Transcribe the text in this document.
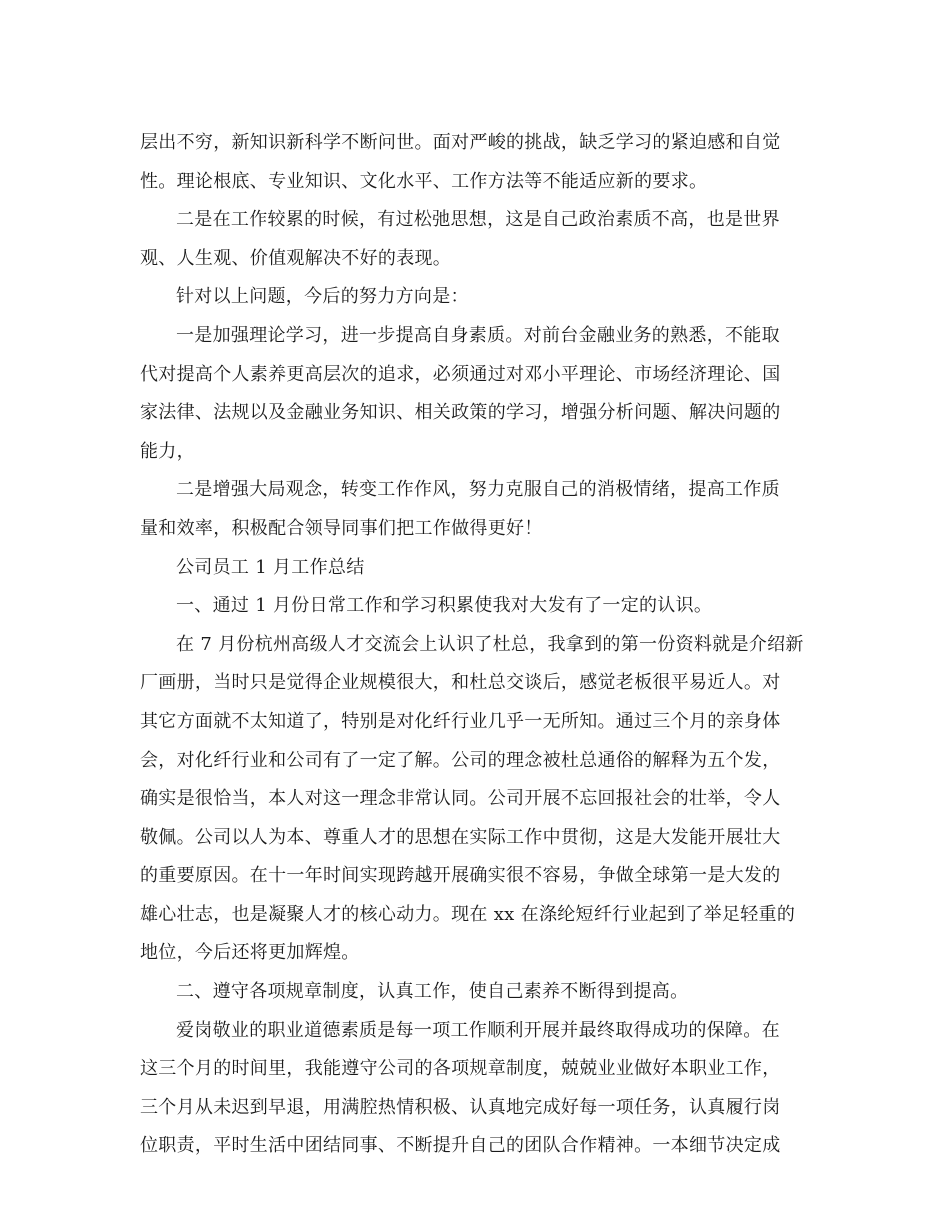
层出不穷，新知识新科学不断问世。面对严峻的挑战，缺乏学习的紧迫感和自觉
性。理论根底、专业知识、文化水平、工作方法等不能适应新的要求。
二是在工作较累的时候，有过松弛思想，这是自己政治素质不高，也是世界
观、人生观、价值观解决不好的表现。
针对以上问题，今后的努力方向是：
一是加强理论学习，进一步提高自身素质。对前台金融业务的熟悉，不能取
代对提高个人素养更高层次的追求，必须通过对邓小平理论、市场经济理论、国
家法律、法规以及金融业务知识、相关政策的学习，增强分析问题、解决问题的
能力，
二是增强大局观念，转变工作作风，努力克服自己的消极情绪，提高工作质
量和效率，积极配合领导同事们把工作做得更好！
公司员工 1 月工作总结
一、通过 1 月份日常工作和学习积累使我对大发有了一定的认识。
在 7 月份杭州高级人才交流会上认识了杜总，我拿到的第一份资料就是介绍新
厂画册，当时只是觉得企业规模很大，和杜总交谈后，感觉老板很平易近人。对
其它方面就不太知道了，特别是对化纤行业几乎一无所知。通过三个月的亲身体
会，对化纤行业和公司有了一定了解。公司的理念被杜总通俗的解释为五个发，
确实是很恰当，本人对这一理念非常认同。公司开展不忘回报社会的壮举，令人
敬佩。公司以人为本、尊重人才的思想在实际工作中贯彻，这是大发能开展壮大
的重要原因。在十一年时间实现跨越开展确实很不容易，争做全球第一是大发的
雄心壮志，也是凝聚人才的核心动力。现在 xx 在涤纶短纤行业起到了举足轻重的
地位，今后还将更加辉煌。
二、遵守各项规章制度，认真工作，使自己素养不断得到提高。
爱岗敬业的职业道德素质是每一项工作顺利开展并最终取得成功的保障。在
这三个月的时间里，我能遵守公司的各项规章制度，兢兢业业做好本职业工作，
三个月从未迟到早退，用满腔热情积极、认真地完成好每一项任务，认真履行岗
位职责，平时生活中团结同事、不断提升自己的团队合作精神。一本细节决定成
